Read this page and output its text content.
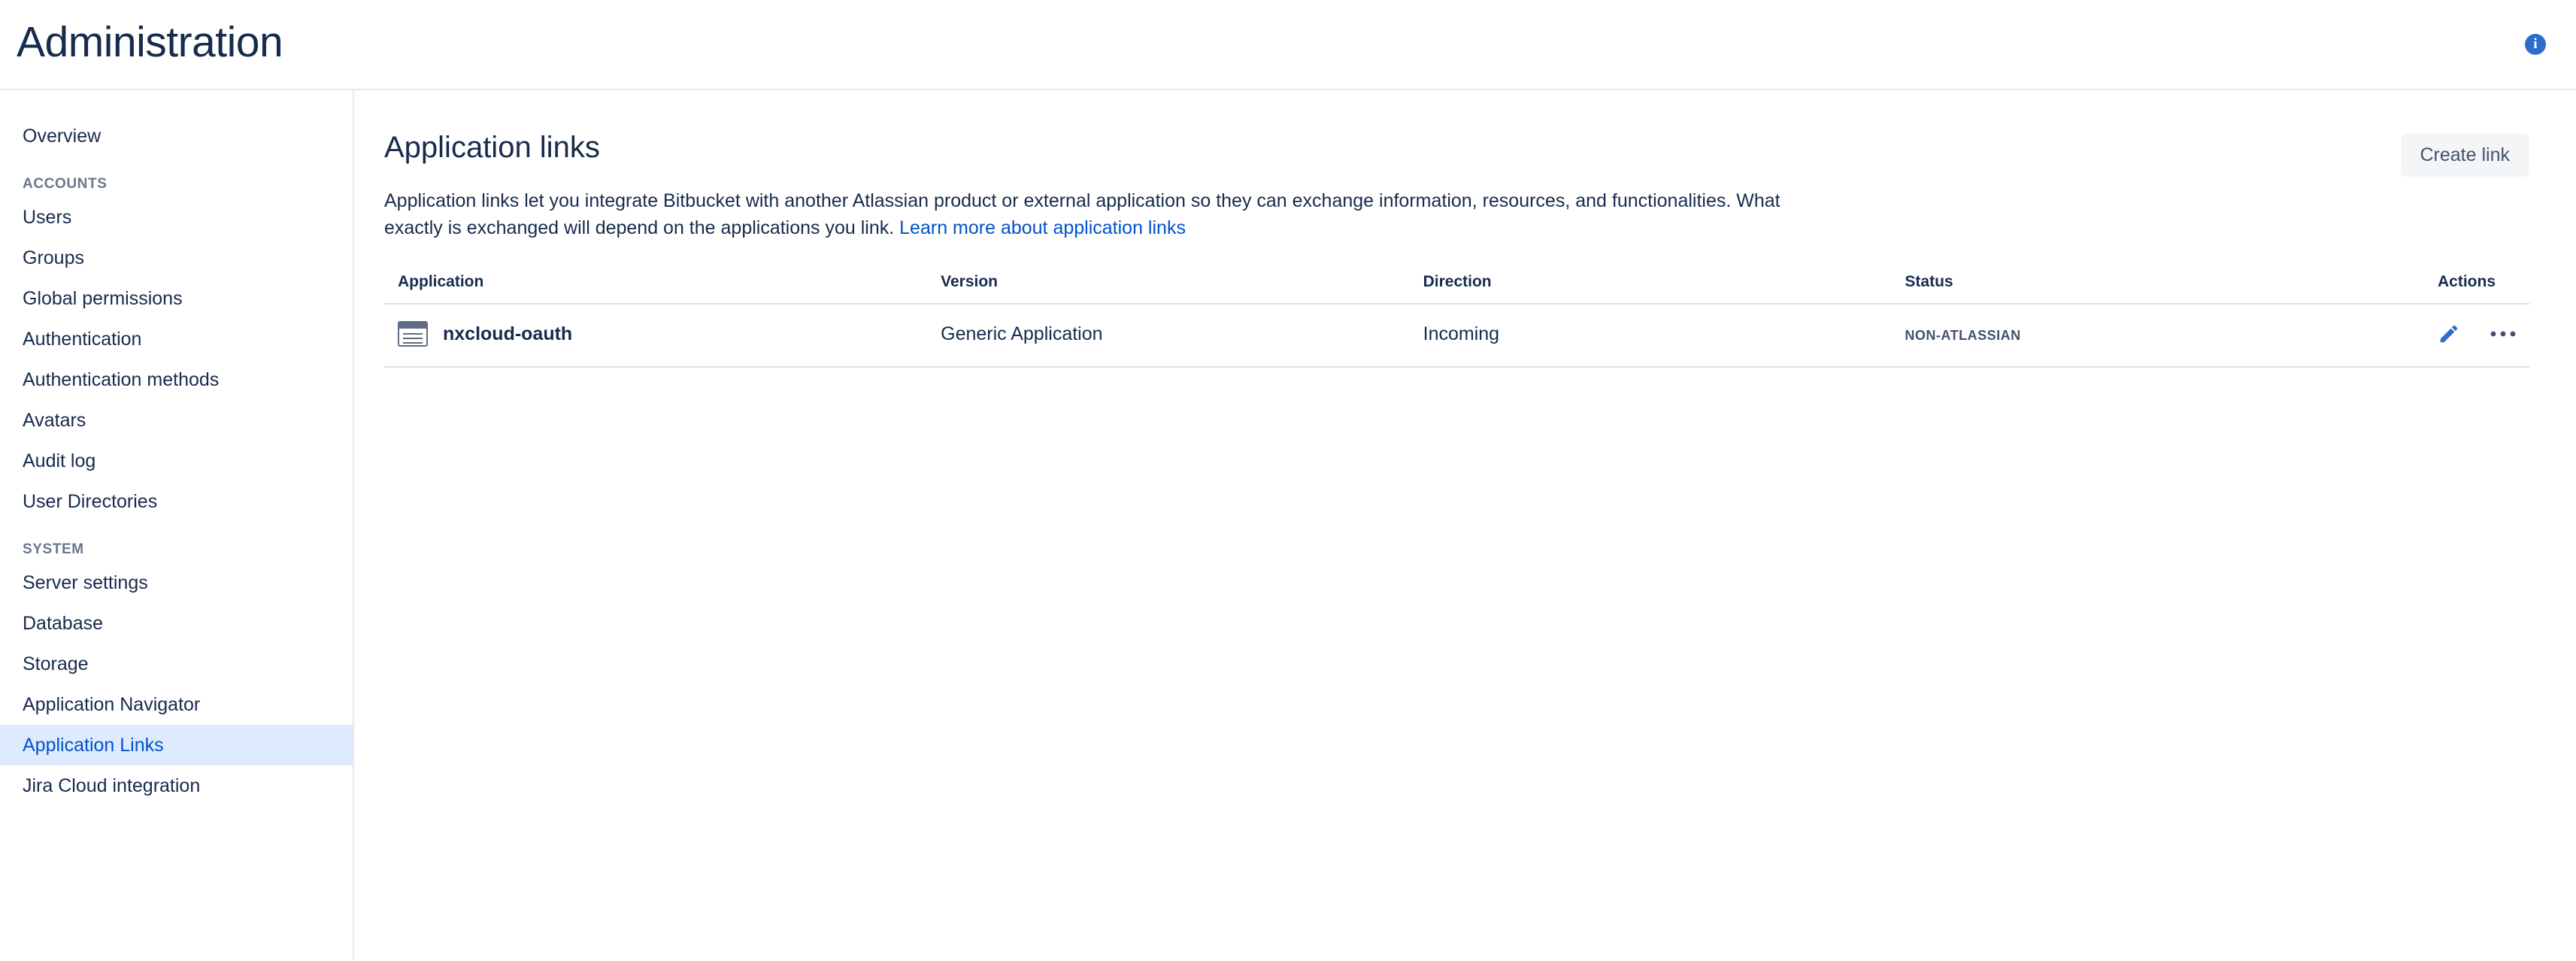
Administration	i
Overview
ACCOUNTS
Users
Groups
Global permissions
Authentication
Authentication methods
Avatars
Audit log
User Directories
SYSTEM
Server settings
Database
Storage
Application Navigator
Application Links
Jira Cloud integration
Application links	Create link

Application links let you integrate Bitbucket with another Atlassian product or external application so they can exchange information, resources, and functionalities. What exactly is exchanged will depend on the applications you link. Learn more about application links

Application	Version	Direction	Status	Actions

nxcloud-oauth	Generic Application	Incoming	NON-ATLASSIAN	
